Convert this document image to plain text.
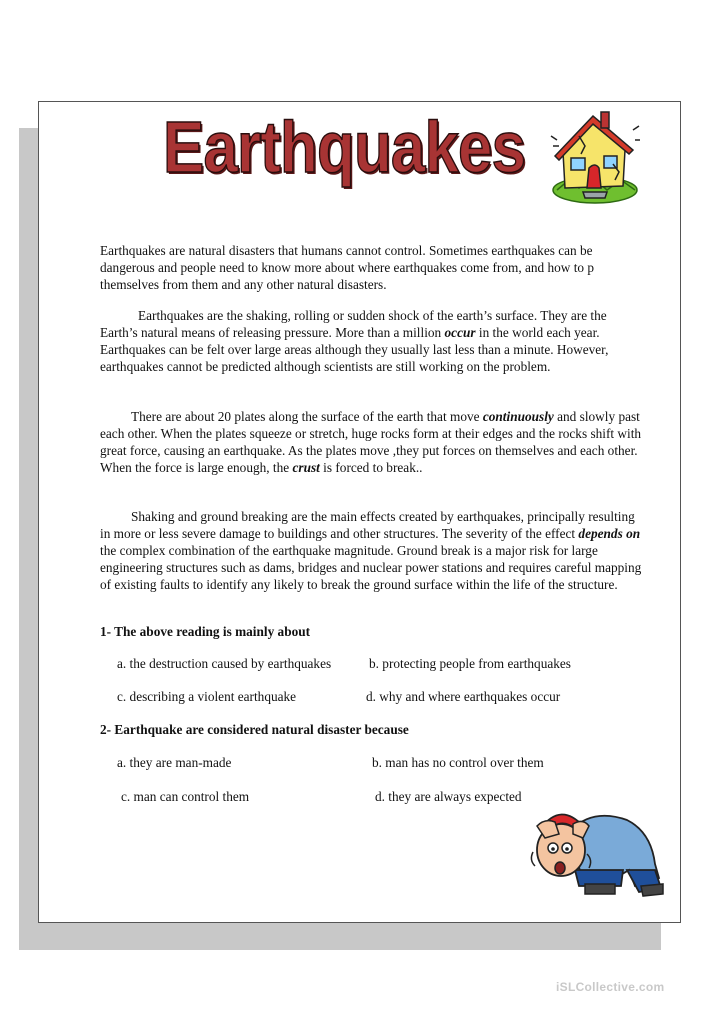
Earthquakes

Earthquakes are natural disasters that humans cannot control. Sometimes earthquakes can be dangerous and people need to know more about where earthquakes come from, and how to p themselves from them and any other natural disasters.

Earthquakes are the shaking, rolling or sudden shock of the earth’s surface. They are the Earth’s natural means of releasing pressure. More than a million occur in the world each year. Earthquakes can be felt over large areas although they usually last less than a minute. However, earthquakes cannot be predicted although scientists are still working on the problem.

There are about 20 plates along the surface of the earth that move continuously and slowly past each other. When the plates squeeze or stretch, huge rocks form at their edges and the rocks shift with great force, causing an earthquake. As the plates move ,they put forces on themselves and each other. When the force is large enough, the crust is forced to break..

Shaking and ground breaking are the main effects created by earthquakes, principally resulting in more or less severe damage to buildings and other structures. The severity of the effect depends on the complex combination of the earthquake magnitude. Ground break is a major risk for large engineering structures such as dams, bridges and nuclear power stations and requires careful mapping of existing faults to identify any likely to break the ground surface within the life of the structure.

1- The above reading is mainly about

a. the destruction caused by earthquakes	b. protecting people from earthquakes

c. describing a violent earthquake	d. why and where earthquakes occur

2- Earthquake are considered natural disaster because

a. they are man-made	b. man has no control over them

c. man can control them	d. they are always expected

iSLCollective.com
